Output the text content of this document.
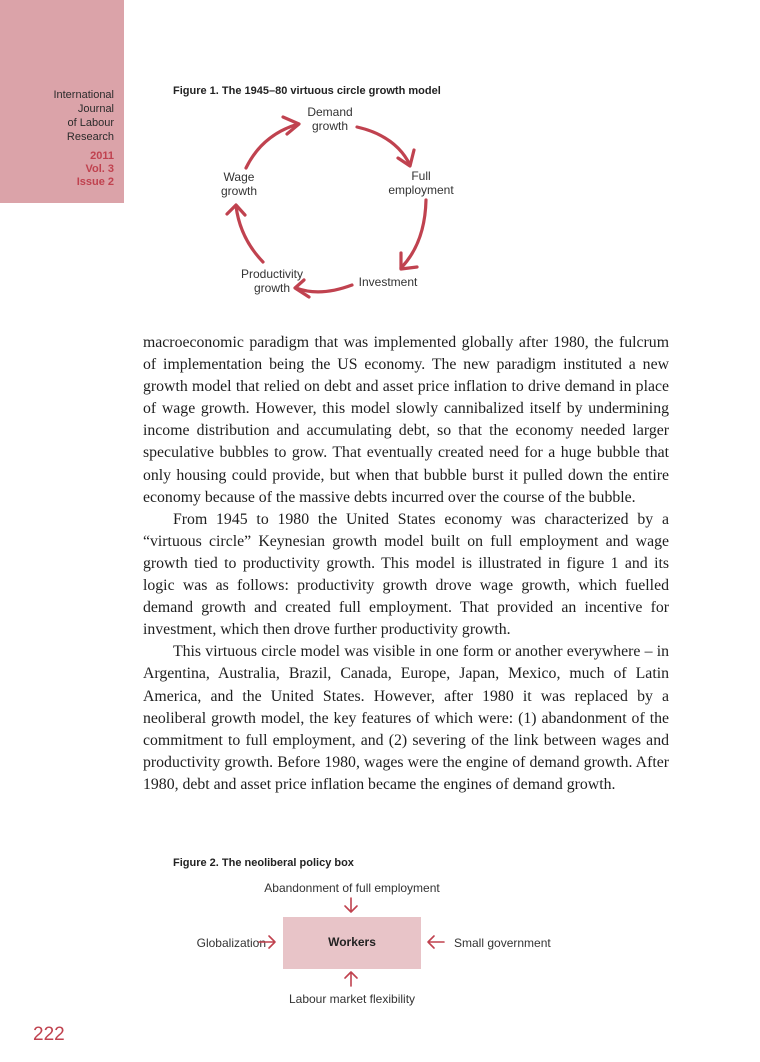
International
Journal
of Labour
Research
2011
Vol. 3
Issue 2
Figure 1. The 1945–80 virtuous circle growth model
Demand
growth
Full
employment
Investment
Productivity
growth
Wage
growth

macroeconomic paradigm that was implemented globally after 1980, the fulcrum of implementation being the US economy. The new paradigm instituted a new growth model that relied on debt and asset price inflation to drive demand in place of wage growth. However, this model slowly cannibalized itself by undermining income distribution and accumulating debt, so that the economy needed larger speculative bubbles to grow. That eventually created need for a huge bubble that only housing could provide, but when that bubble burst it pulled down the entire economy because of the massive debts incurred over the course of the bubble.

From 1945 to 1980 the United States economy was characterized by a “virtuous circle” Keynesian growth model built on full employment and wage growth tied to productivity growth. This model is illustrated in figure 1 and its logic was as follows: productivity growth drove wage growth, which fuelled demand growth and created full employment. That provided an incentive for investment, which then drove further productivity growth.

This virtuous circle model was visible in one form or another everywhere – in Argentina, Australia, Brazil, Canada, Europe, Japan, Mexico, much of Latin America, and the United States. However, after 1980 it was replaced by a neoliberal growth model, the key features of which were: (1) abandonment of the commitment to full employment, and (2) severing of the link between wages and productivity growth. Before 1980, wages were the engine of demand growth. After 1980, debt and asset price inflation became the engines of demand growth.

Figure 2. The neoliberal policy box
Abandonment of full employment
Globalization	Small government
Labour market flexibility
Workers
222
